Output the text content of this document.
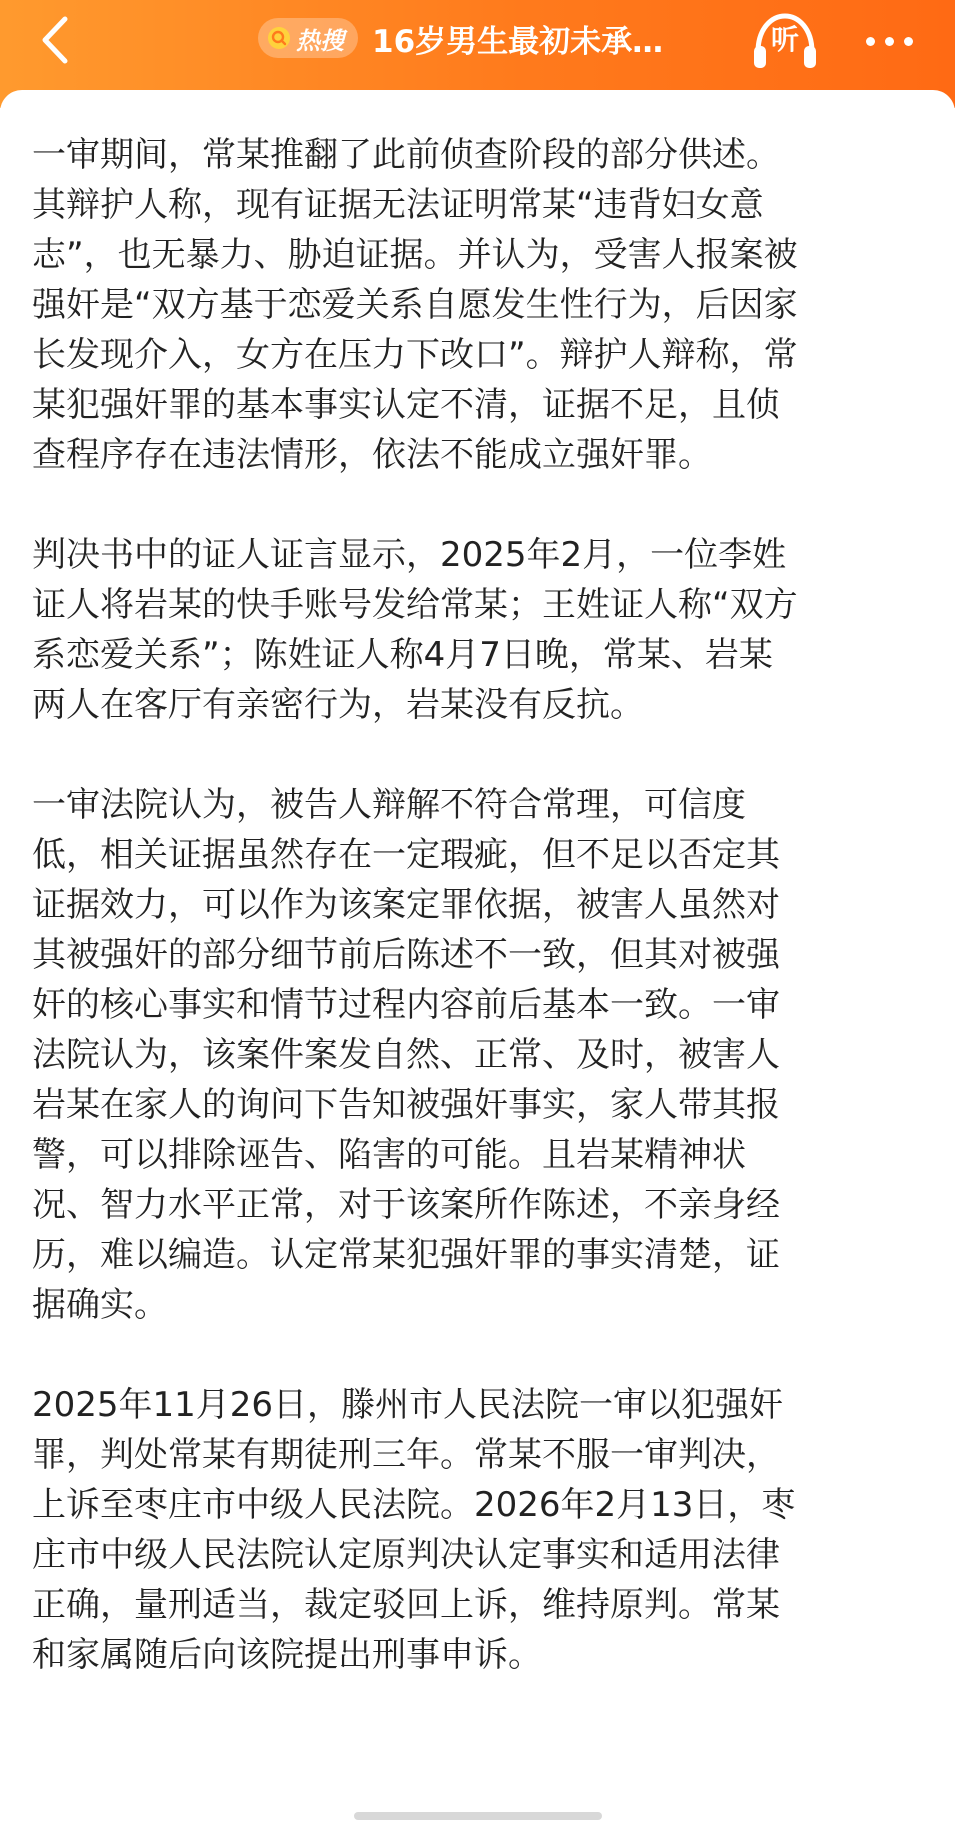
热搜 16岁男生最初未承…	听

一审期间，常某推翻了此前侦查阶段的部分供述。
其辩护人称，现有证据无法证明常某“违背妇女意
志”，也无暴力、胁迫证据。并认为，受害人报案被
强奸是“双方基于恋爱关系自愿发生性行为，后因家
长发现介入，女方在压力下改口”。辩护人辩称，常
某犯强奸罪的基本事实认定不清，证据不足，且侦
查程序存在违法情形，依法不能成立强奸罪。

判决书中的证人证言显示，2025年2月，一位李姓
证人将岩某的快手账号发给常某；王姓证人称“双方
系恋爱关系”；陈姓证人称4月7日晚，常某、岩某
两人在客厅有亲密行为，岩某没有反抗。

一审法院认为，被告人辩解不符合常理，可信度
低，相关证据虽然存在一定瑕疵，但不足以否定其
证据效力，可以作为该案定罪依据，被害人虽然对
其被强奸的部分细节前后陈述不一致，但其对被强
奸的核心事实和情节过程内容前后基本一致。一审
法院认为，该案件案发自然、正常、及时，被害人
岩某在家人的询问下告知被强奸事实，家人带其报
警，可以排除诬告、陷害的可能。且岩某精神状
况、智力水平正常，对于该案所作陈述，不亲身经
历，难以编造。认定常某犯强奸罪的事实清楚，证
据确实。

2025年11月26日，滕州市人民法院一审以犯强奸
罪，判处常某有期徒刑三年。常某不服一审判决，
上诉至枣庄市中级人民法院。2026年2月13日，枣
庄市中级人民法院认定原判决认定事实和适用法律
正确，量刑适当，裁定驳回上诉，维持原判。常某
和家属随后向该院提出刑事申诉。
